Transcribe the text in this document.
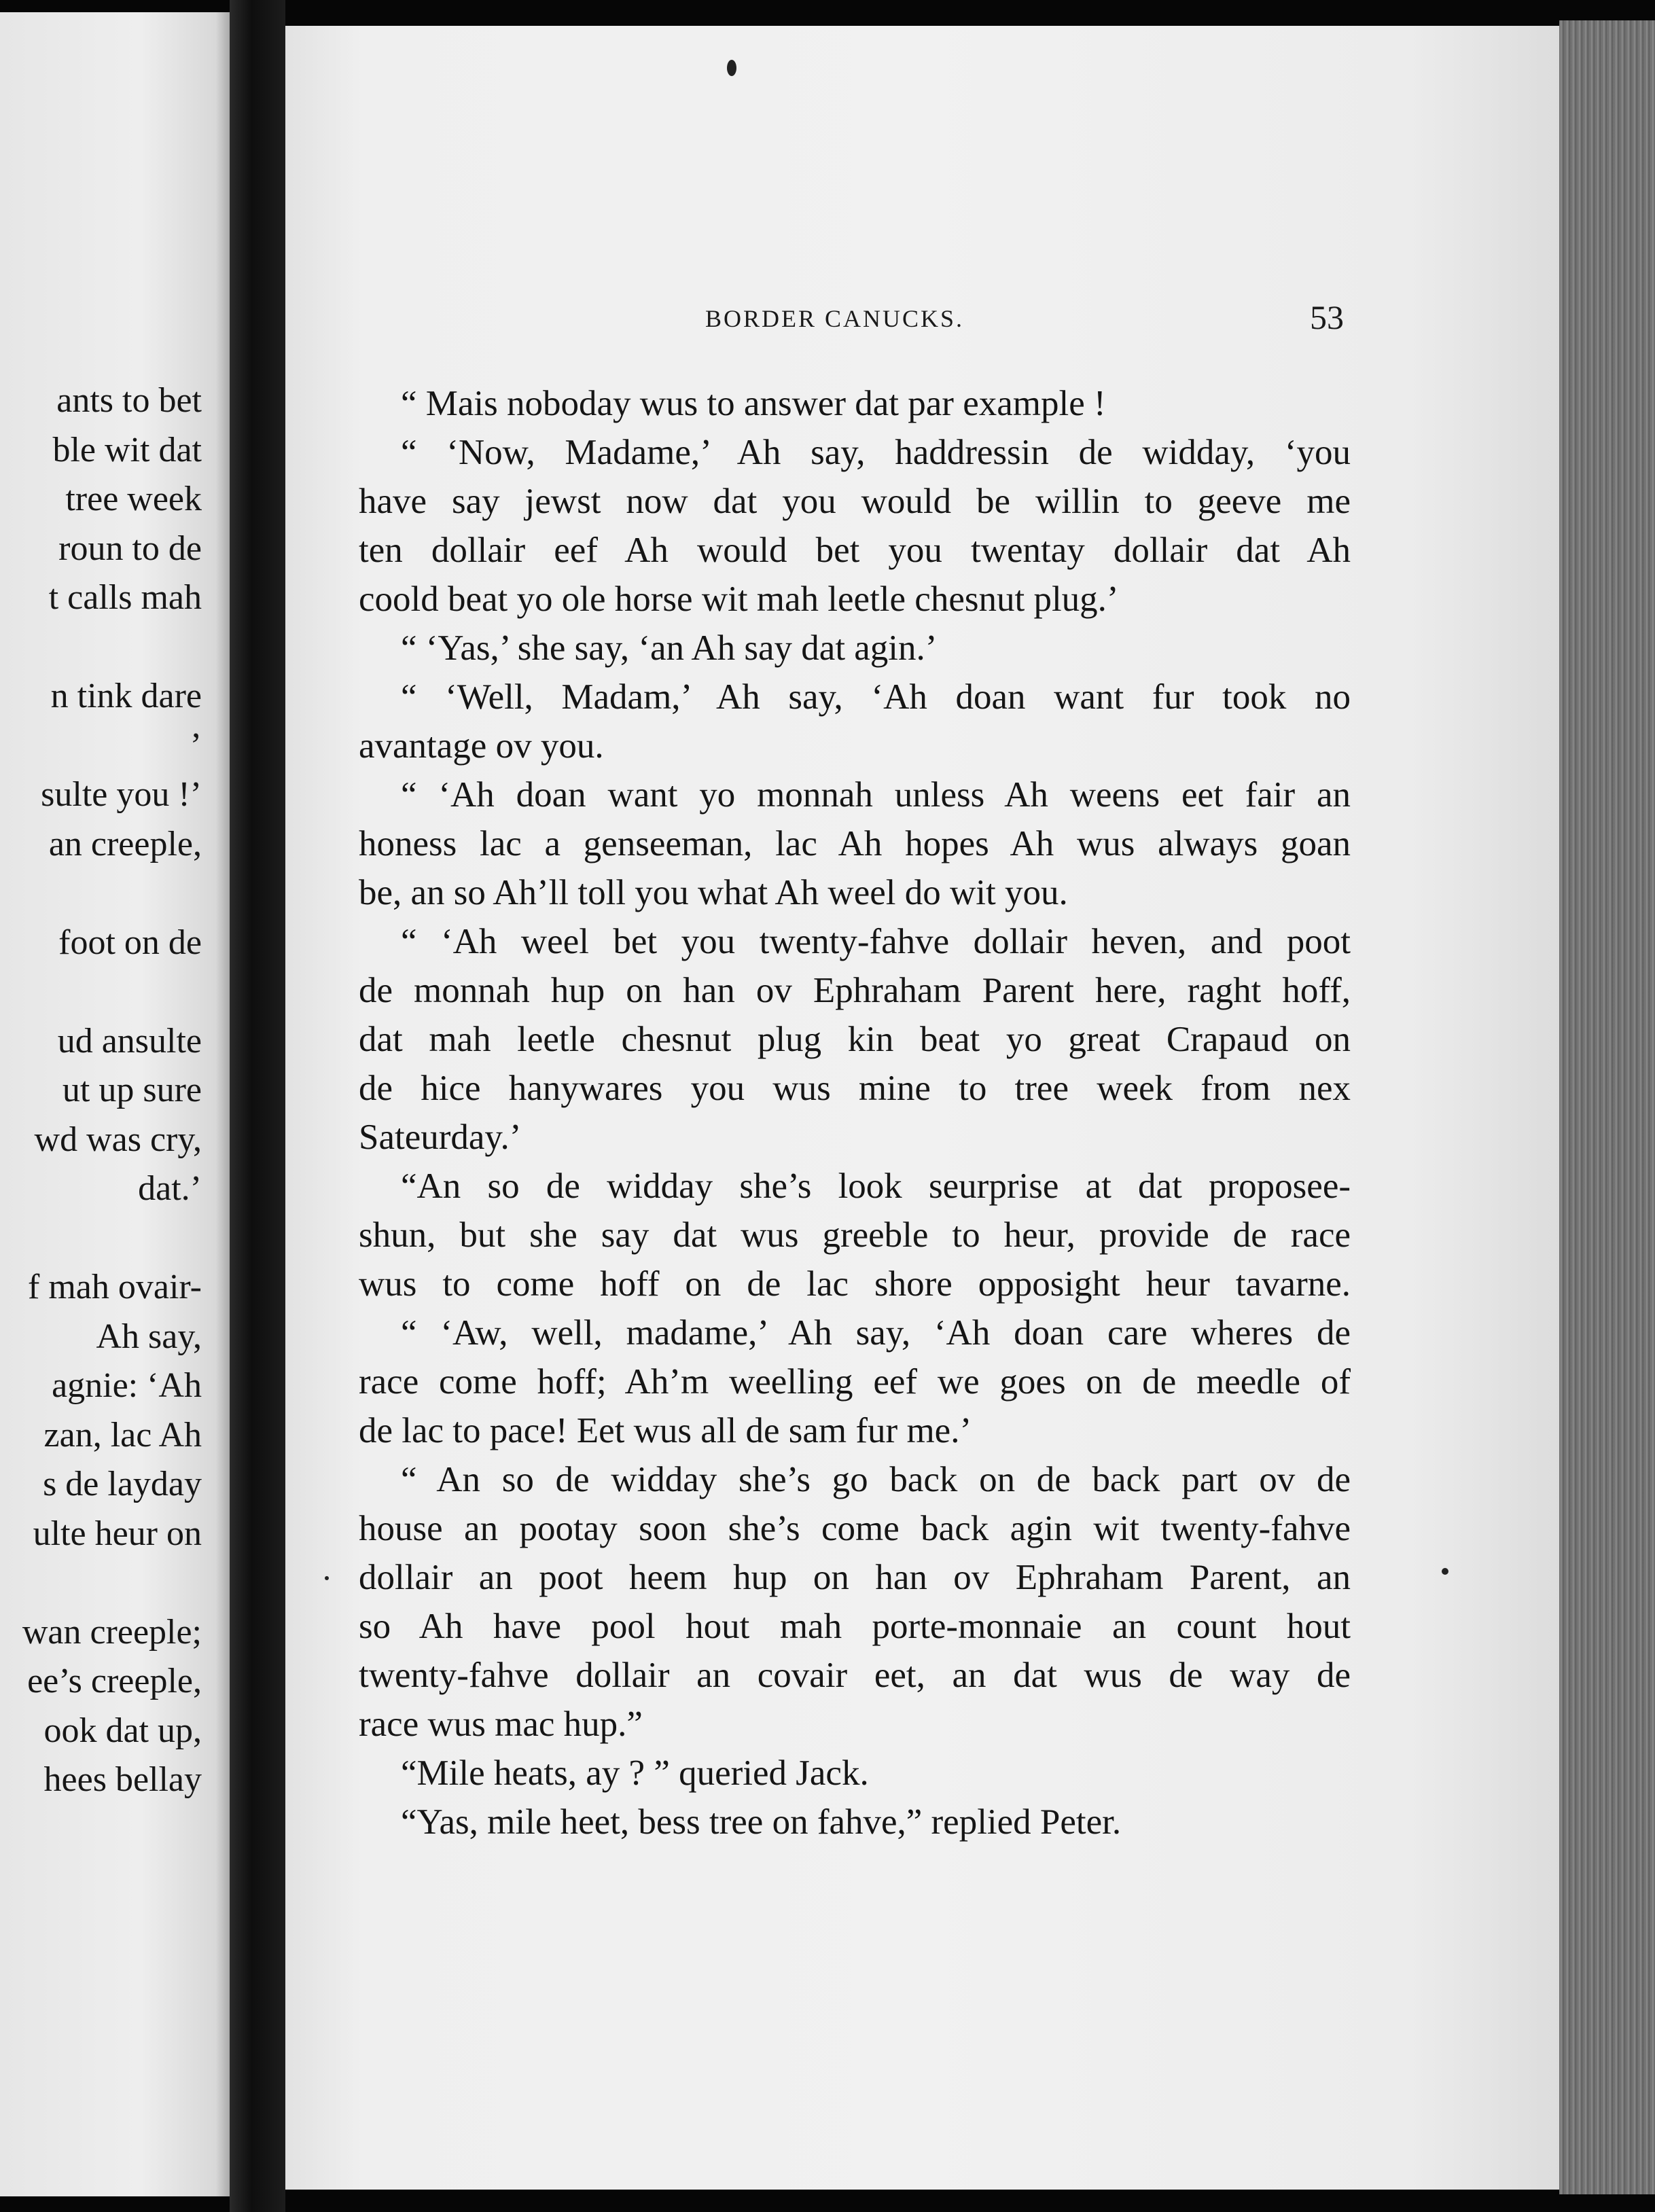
ants to bet
ble wit dat
tree week
roun to de
t calls mah
n tink dare
’
sulte you !’
an creeple,
foot on de
ud ansulte
ut up sure
wd was cry,
dat.’
f mah ovair-
Ah say,
agnie: ‘Ah
zan, lac Ah
s de layday
ulte heur on
wan creeple;
ee’s creeple,
ook dat up,
hees bellay
BORDER CANUCKS.	53
“ Mais noboday wus to answer dat par example !
“ ‘Now, Madame,’ Ah say, haddressin de widday, ‘you
have say jewst now dat you would be willin to geeve me
ten dollair eef Ah would bet you twentay dollair dat Ah
coold beat yo ole horse wit mah leetle chesnut plug.’
“ ‘Yas,’ she say, ‘an Ah say dat agin.’
“ ‘Well, Madam,’ Ah say, ‘Ah doan want fur took no
avantage ov you.
“ ‘Ah doan want yo monnah unless Ah weens eet fair an
honess lac a genseeman, lac Ah hopes Ah wus always goan
be, an so Ah’ll toll you what Ah weel do wit you.
“ ‘Ah weel bet you twenty-fahve dollair heven, and poot
de monnah hup on han ov Ephraham Parent here, raght hoff,
dat mah leetle chesnut plug kin beat yo great Crapaud on
de hice hanywares you wus mine to tree week from nex
Sateurday.’
“An so de widday she’s look seurprise at dat proposee-
shun, but she say dat wus greeble to heur, provide de race
wus to come hoff on de lac shore opposight heur tavarne.
“ ‘Aw, well, madame,’ Ah say, ‘Ah doan care wheres de
race come hoff; Ah’m weelling eef we goes on de meedle of
de lac to pace! Eet wus all de sam fur me.’
“ An so de widday she’s go back on de back part ov de
house an pootay soon she’s come back agin wit twenty-fahve
dollair an poot heem hup on han ov Ephraham Parent, an
so Ah have pool hout mah porte-monnaie an count hout
twenty-fahve dollair an covair eet, an dat wus de way de
race wus mac hup.”
“Mile heats, ay ? ” queried Jack.
“Yas, mile heet, bess tree on fahve,” replied Peter.
